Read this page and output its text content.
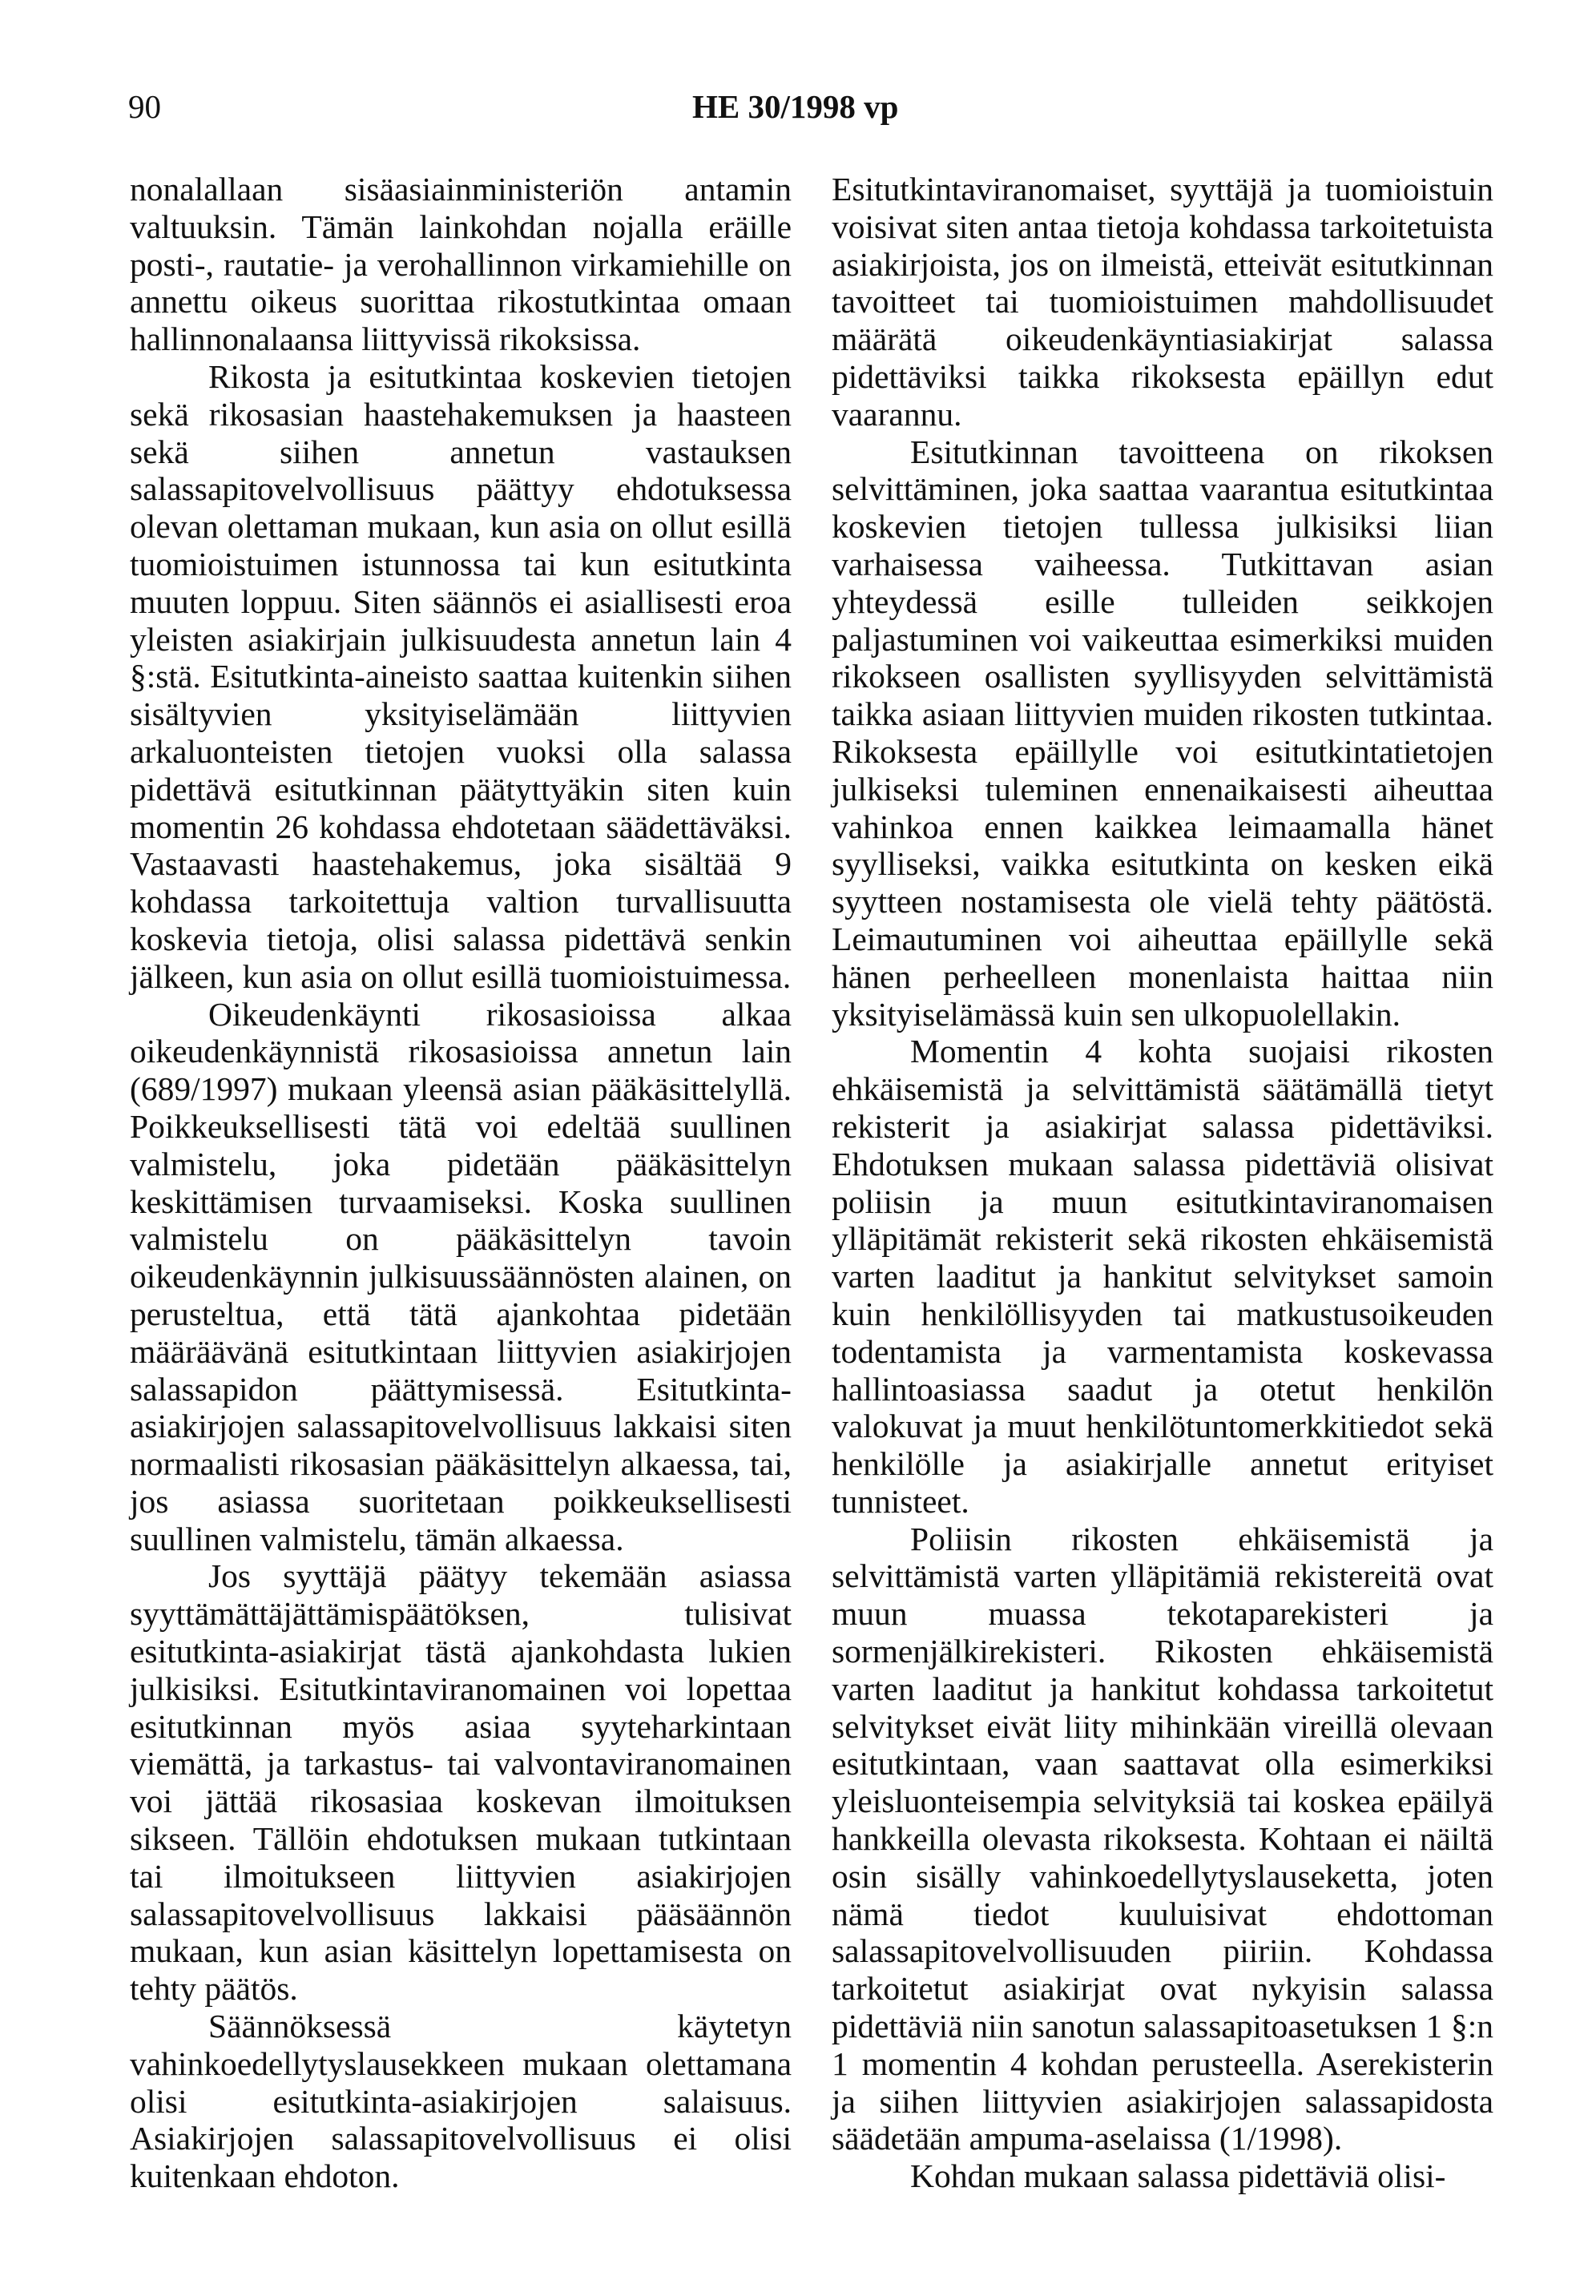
90	HE 30/1998 vp

nonalallaan sisäasiainministeriön antamin valtuuksin. Tämän lainkohdan nojalla eräille posti-, rautatie- ja verohallinnon virkamiehille on annettu oikeus suorittaa rikostutkintaa omaan hallinnonalaansa liittyvissä rikoksissa.

Rikosta ja esitutkintaa koskevien tietojen sekä rikosasian haastehakemuksen ja haasteen sekä siihen annetun vastauksen salassapitovelvollisuus päättyy ehdotuksessa olevan olettaman mukaan, kun asia on ollut esillä tuomioistuimen istunnossa tai kun esitutkinta muuten loppuu. Siten säännös ei asiallisesti eroa yleisten asiakirjain julkisuudesta annetun lain 4 §:stä. Esitutkinta-aineisto saattaa kuitenkin siihen sisältyvien yksityiselämään liittyvien arkaluonteisten tietojen vuoksi olla salassa pidettävä esitutkinnan päätyttyäkin siten kuin momentin 26 kohdassa ehdotetaan säädettäväksi. Vastaavasti haastehakemus, joka sisältää 9 kohdassa tarkoitettuja valtion turvallisuutta koskevia tietoja, olisi salassa pidettävä senkin jälkeen, kun asia on ollut esillä tuomioistuimessa.

Oikeudenkäynti rikosasioissa alkaa oikeudenkäynnistä rikosasioissa annetun lain (689/1997) mukaan yleensä asian pääkäsittelyllä. Poikkeuksellisesti tätä voi edeltää suullinen valmistelu, joka pidetään pääkäsittelyn keskittämisen turvaamiseksi. Koska suullinen valmistelu on pääkäsittelyn tavoin oikeudenkäynnin julkisuussäännösten alainen, on perusteltua, että tätä ajankohtaa pidetään määräävänä esitutkintaan liittyvien asiakirjojen salassapidon päättymisessä. Esitutkinta-asiakirjojen salassapitovelvollisuus lakkaisi siten normaalisti rikosasian pääkäsittelyn alkaessa, tai, jos asiassa suoritetaan poikkeuksellisesti suullinen valmistelu, tämän alkaessa.

Jos syyttäjä päätyy tekemään asiassa syyttämättäjättämispäätöksen, tulisivat esitutkinta-asiakirjat tästä ajankohdasta lukien julkisiksi. Esitutkintaviranomainen voi lopettaa esitutkinnan myös asiaa syyteharkintaan viemättä, ja tarkastus- tai valvontaviranomainen voi jättää rikosasiaa koskevan ilmoituksen sikseen. Tällöin ehdotuksen mukaan tutkintaan tai ilmoitukseen liittyvien asiakirjojen salassapitovelvollisuus lakkaisi pääsäännön mukaan, kun asian käsittelyn lopettamisesta on tehty päätös.

Säännöksessä käytetyn vahinkoedellytyslausekkeen mukaan olettamana olisi esitutkinta-asiakirjojen salaisuus. Asiakirjojen salassapitovelvollisuus ei olisi kuitenkaan ehdoton.

Esitutkintaviranomaiset, syyttäjä ja tuomioistuin voisivat siten antaa tietoja kohdassa tarkoitetuista asiakirjoista, jos on ilmeistä, etteivät esitutkinnan tavoitteet tai tuomioistuimen mahdollisuudet määrätä oikeudenkäyntiasiakirjat salassa pidettäviksi taikka rikoksesta epäillyn edut vaarannu.

Esitutkinnan tavoitteena on rikoksen selvittäminen, joka saattaa vaarantua esitutkintaa koskevien tietojen tullessa julkisiksi liian varhaisessa vaiheessa. Tutkittavan asian yhteydessä esille tulleiden seikkojen paljastuminen voi vaikeuttaa esimerkiksi muiden rikokseen osallisten syyllisyyden selvittämistä taikka asiaan liittyvien muiden rikosten tutkintaa. Rikoksesta epäillylle voi esitutkintatietojen julkiseksi tuleminen ennenaikaisesti aiheuttaa vahinkoa ennen kaikkea leimaamalla hänet syylliseksi, vaikka esitutkinta on kesken eikä syytteen nostamisesta ole vielä tehty päätöstä. Leimautuminen voi aiheuttaa epäillylle sekä hänen perheelleen monenlaista haittaa niin yksityiselämässä kuin sen ulkopuolellakin.

Momentin 4 kohta suojaisi rikosten ehkäisemistä ja selvittämistä säätämällä tietyt rekisterit ja asiakirjat salassa pidettäviksi. Ehdotuksen mukaan salassa pidettäviä olisivat poliisin ja muun esitutkintaviranomaisen ylläpitämät rekisterit sekä rikosten ehkäisemistä varten laaditut ja hankitut selvitykset samoin kuin henkilöllisyyden tai matkustusoikeuden todentamista ja varmentamista koskevassa hallintoasiassa saadut ja otetut henkilön valokuvat ja muut henkilötuntomerkkitiedot sekä henkilölle ja asiakirjalle annetut erityiset tunnisteet.

Poliisin rikosten ehkäisemistä ja selvittämistä varten ylläpitämiä rekistereitä ovat muun muassa tekotaparekisteri ja sormenjälkirekisteri. Rikosten ehkäisemistä varten laaditut ja hankitut kohdassa tarkoitetut selvitykset eivät liity mihinkään vireillä olevaan esitutkintaan, vaan saattavat olla esimerkiksi yleisluonteisempia selvityksiä tai koskea epäilyä hankkeilla olevasta rikoksesta. Kohtaan ei näiltä osin sisälly vahinkoedellytyslauseketta, joten nämä tiedot kuuluisivat ehdottoman salassapitovelvollisuuden piiriin. Kohdassa tarkoitetut asiakirjat ovat nykyisin salassa pidettäviä niin sanotun salassapitoasetuksen 1 §:n 1 momentin 4 kohdan perusteella. Aserekisterin ja siihen liittyvien asiakirjojen salassapidosta säädetään ampuma-aselaissa (1/1998).

Kohdan mukaan salassa pidettäviä olisi-
